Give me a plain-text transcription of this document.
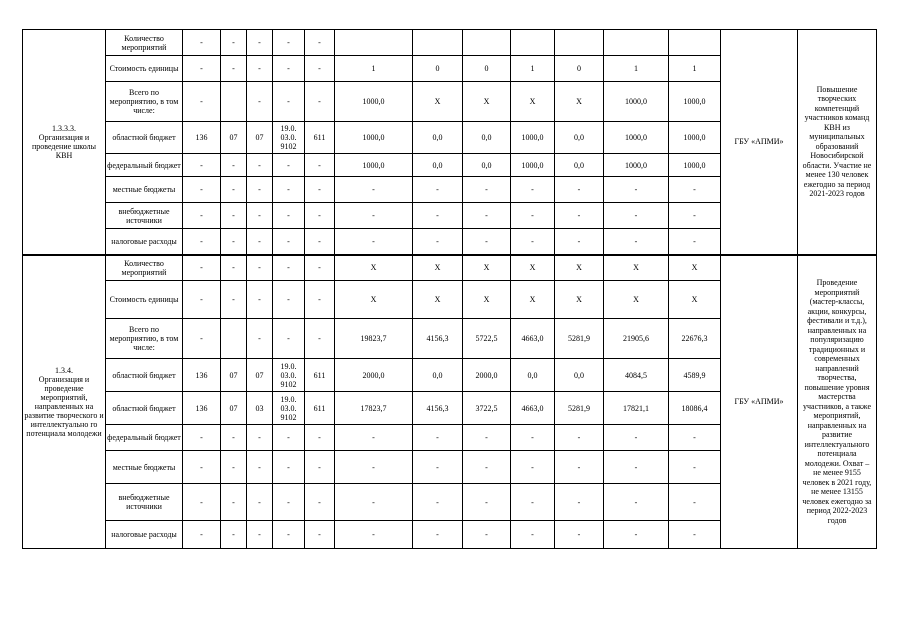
1.3.3.3.
Организация и проведение школы КВН	Количество мероприятий	-	-	-	-	-								ГБУ «АПМИ»	Повышение творческих компетенций участников команд КВН из муниципальных образований Новосибирской области. Участие не менее 130 человек ежегодно за период 2021-2023 годов
	Стоимость единицы	-	-	-	-	-	1	0	0	1	0	1	1		
	Всего по мероприятию, в том числе:	-		-	-	-	1000,0	X	X	X	X	1000,0	1000,0		
	областной бюджет	136	07	07	19.0.
03.0.
9102	611	1000,0	0,0	0,0	1000,0	0,0	1000,0	1000,0		
	федеральный бюджет	-	-	-	-	-	1000,0	0,0	0,0	1000,0	0,0	1000,0	1000,0		
	местные бюджеты	-	-	-	-	-	-	-	-	-	-	-	-		
	внебюджетные источники	-	-	-	-	-	-	-	-	-	-	-	-		
	налоговые расходы	-	-	-	-	-	-	-	-	-	-	-	-		
1.3.4.
Организация и проведение мероприятий, направленных на развитие творческого и интеллектуально го потенциала молодежи	Количество мероприятий	-	-	-	-	-	X	X	X	X	X	X	X	ГБУ «АПМИ»	Проведение мероприятий (мастер-классы, акции, конкурсы, фестивали и т.д.), направленных на популяризацию традиционных и современных направлений творчества, повышение уровня мастерства участников, а также мероприятий, направленных на развитие интеллектуального потенциала молодежи. Охват – не менее 9155 человек в 2021 году, не менее 13155 человек ежегодно за период 2022-2023 годов
	Стоимость единицы	-	-	-	-	-	X	X	X	X	X	X	X		
	Всего по мероприятию, в том числе:	-		-	-	-	19823,7	4156,3	5722,5	4663,0	5281,9	21905,6	22676,3		
	областной бюджет	136	07	07	19.0.
03.0.
9102	611	2000,0	0,0	2000,0	0,0	0,0	4084,5	4589,9		
	областной бюджет	136	07	03	19.0.
03.0.
9102	611	17823,7	4156,3	3722,5	4663,0	5281,9	17821,1	18086,4		
	федеральный бюджет	-	-	-	-	-	-	-	-	-	-	-	-		
	местные бюджеты	-	-	-	-	-	-	-	-	-	-	-	-		
	внебюджетные источники	-	-	-	-	-	-	-	-	-	-	-	-		
	налоговые расходы	-	-	-	-	-	-	-	-	-	-	-	-		
